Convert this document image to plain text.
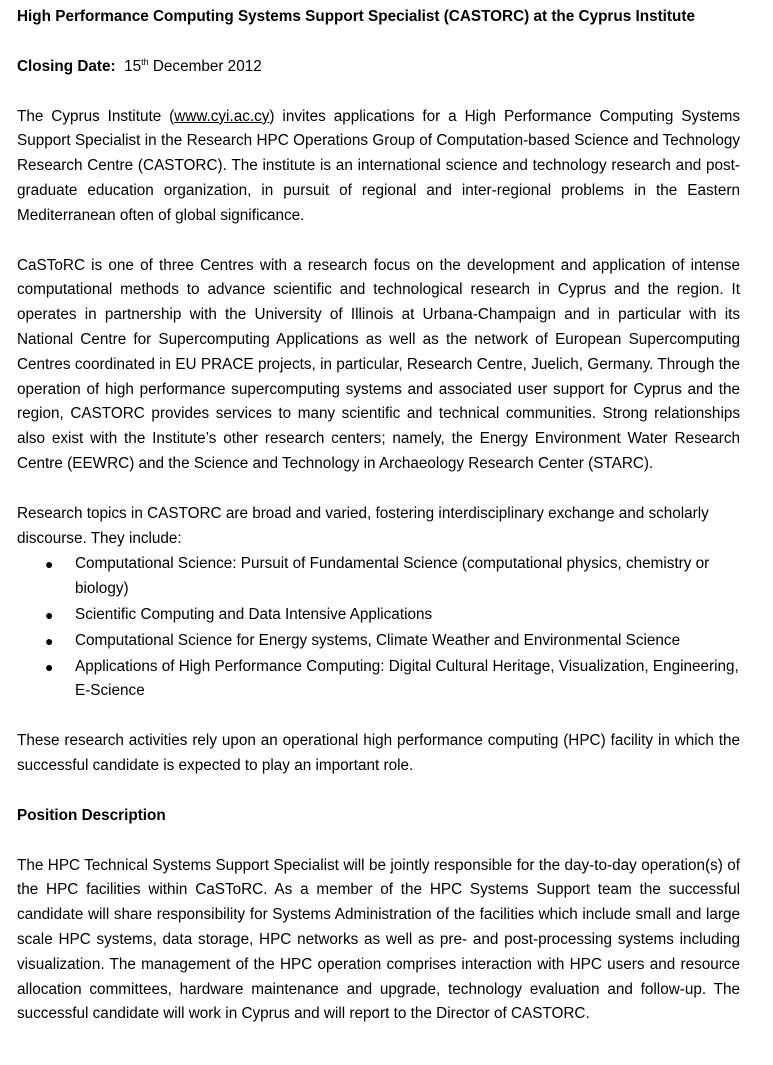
High Performance Computing Systems Support Specialist (CASTORC) at the Cyprus Institute

Closing Date: 15th December 2012

The Cyprus Institute (www.cyi.ac.cy) invites applications for a High Performance Computing Systems Support Specialist in the Research HPC Operations Group of Computation-based Science and Technology Research Centre (CASTORC). The institute is an international science and technology research and post-graduate education organization, in pursuit of regional and inter-regional problems in the Eastern Mediterranean often of global significance.

CaSToRC is one of three Centres with a research focus on the development and application of intense computational methods to advance scientific and technological research in Cyprus and the region. It operates in partnership with the University of Illinois at Urbana-Champaign and in particular with its National Centre for Supercomputing Applications as well as the network of European Supercomputing Centres coordinated in EU PRACE projects, in particular, Research Centre, Juelich, Germany. Through the operation of high performance supercomputing systems and associated user support for Cyprus and the region, CASTORC provides services to many scientific and technical communities. Strong relationships also exist with the Institute’s other research centers; namely, the Energy Environment Water Research Centre (EEWRC) and the Science and Technology in Archaeology Research Center (STARC).

Research topics in CASTORC are broad and varied, fostering interdisciplinary exchange and scholarly discourse. They include:

● Computational Science: Pursuit of Fundamental Science (computational physics, chemistry or biology)
● Scientific Computing and Data Intensive Applications
● Computational Science for Energy systems, Climate Weather and Environmental Science
● Applications of High Performance Computing: Digital Cultural Heritage, Visualization, Engineering, E-Science

These research activities rely upon an operational high performance computing (HPC) facility in which the successful candidate is expected to play an important role.

Position Description

The HPC Technical Systems Support Specialist will be jointly responsible for the day-to-day operation(s) of the HPC facilities within CaSToRC. As a member of the HPC Systems Support team the successful candidate will share responsibility for Systems Administration of the facilities which include small and large scale HPC systems, data storage, HPC networks as well as pre- and post-processing systems including visualization. The management of the HPC operation comprises interaction with HPC users and resource allocation committees, hardware maintenance and upgrade, technology evaluation and follow-up. The successful candidate will work in Cyprus and will report to the Director of CASTORC.
